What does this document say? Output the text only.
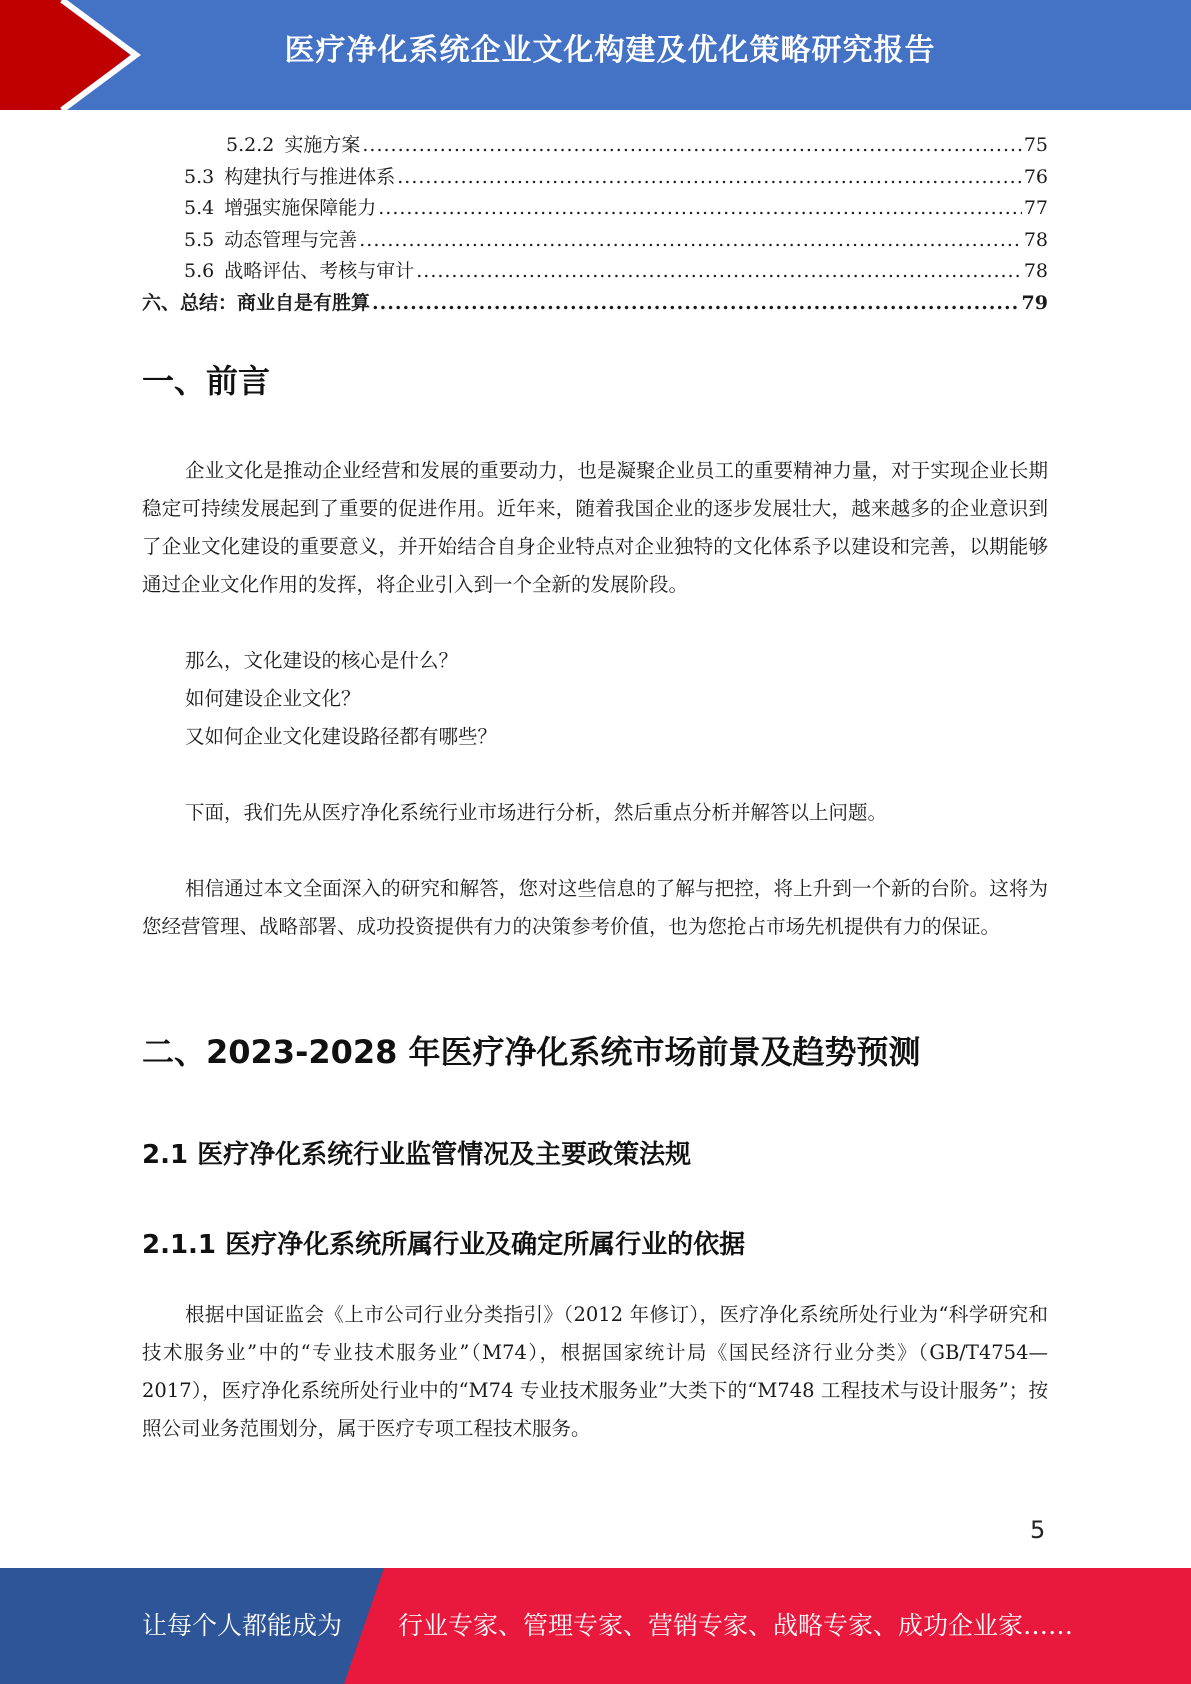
医疗净化系统企业文化构建及优化策略研究报告
5.2.2 实施方案 .....	75
5.3 构建执行与推进体系 .....	76
5.4 增强实施保障能力 .....	77
5.5 动态管理与完善 .....	78
5.6 战略评估、考核与审计 .....	78
六、总结：商业自是有胜算 .....	79
一、前言

企业文化是推动企业经营和发展的重要动力，也是凝聚企业员工的重要精神力量，对于实现企业长期稳定可持续发展起到了重要的促进作用。近年来，随着我国企业的逐步发展壮大，越来越多的企业意识到了企业文化建设的重要意义，并开始结合自身企业特点对企业独特的文化体系予以建设和完善，以期能够通过企业文化作用的发挥，将企业引入到一个全新的发展阶段。

那么，文化建设的核心是什么？
如何建设企业文化？
又如何企业文化建设路径都有哪些？

下面，我们先从医疗净化系统行业市场进行分析，然后重点分析并解答以上问题。

相信通过本文全面深入的研究和解答，您对这些信息的了解与把控，将上升到一个新的台阶。这将为您经营管理、战略部署、成功投资提供有力的决策参考价值，也为您抢占市场先机提供有力的保证。

二、2023-2028 年医疗净化系统市场前景及趋势预测
2.1 医疗净化系统行业监管情况及主要政策法规
2.1.1 医疗净化系统所属行业及确定所属行业的依据

根据中国证监会《上市公司行业分类指引》（2012 年修订），医疗净化系统所处行业为“科学研究和技术服务业”中的“专业技术服务业”（M74），根据国家统计局《国民经济行业分类》（GB/T4754—2017），医疗净化系统所处行业中的“M74 专业技术服务业”大类下的“M748 工程技术与设计服务”；按照公司业务范围划分，属于医疗专项工程技术服务。

5
让每个人都能成为 行业专家、管理专家、营销专家、战略专家、成功企业家……
